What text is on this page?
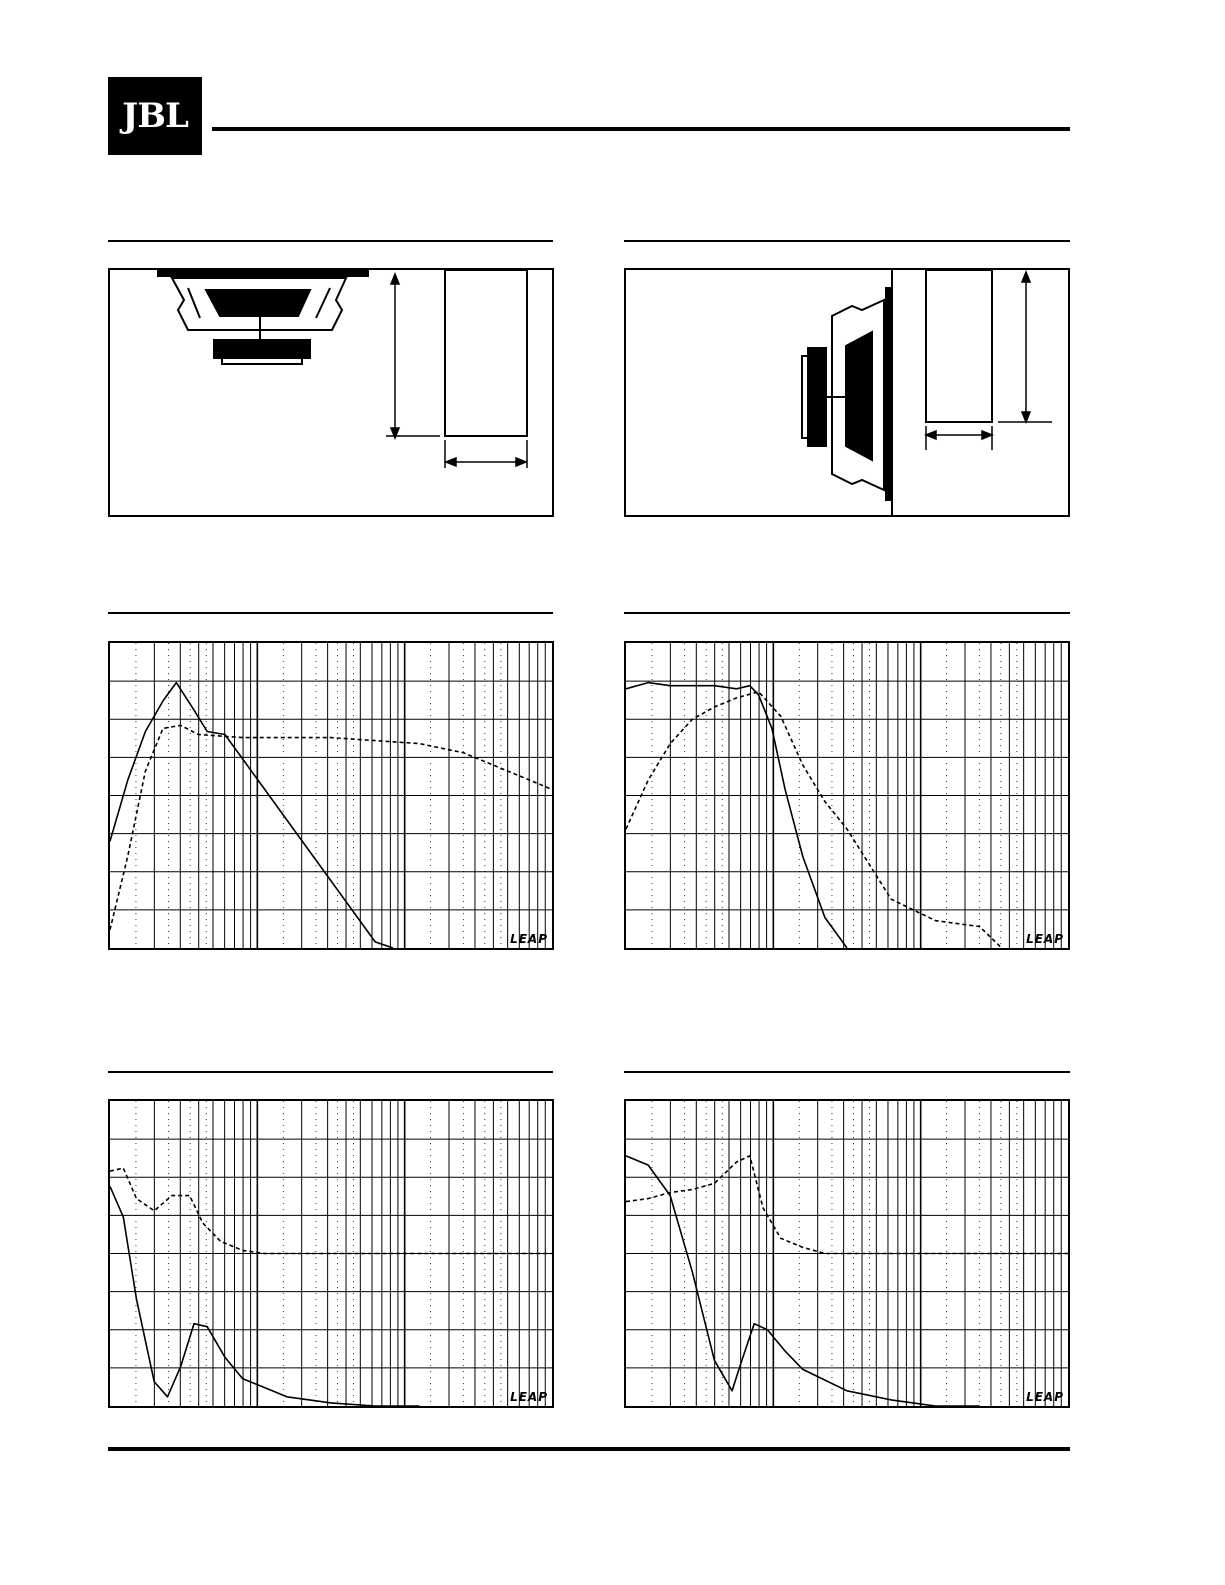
JBL
LEAP	LEAP
LEAP	LEAP
